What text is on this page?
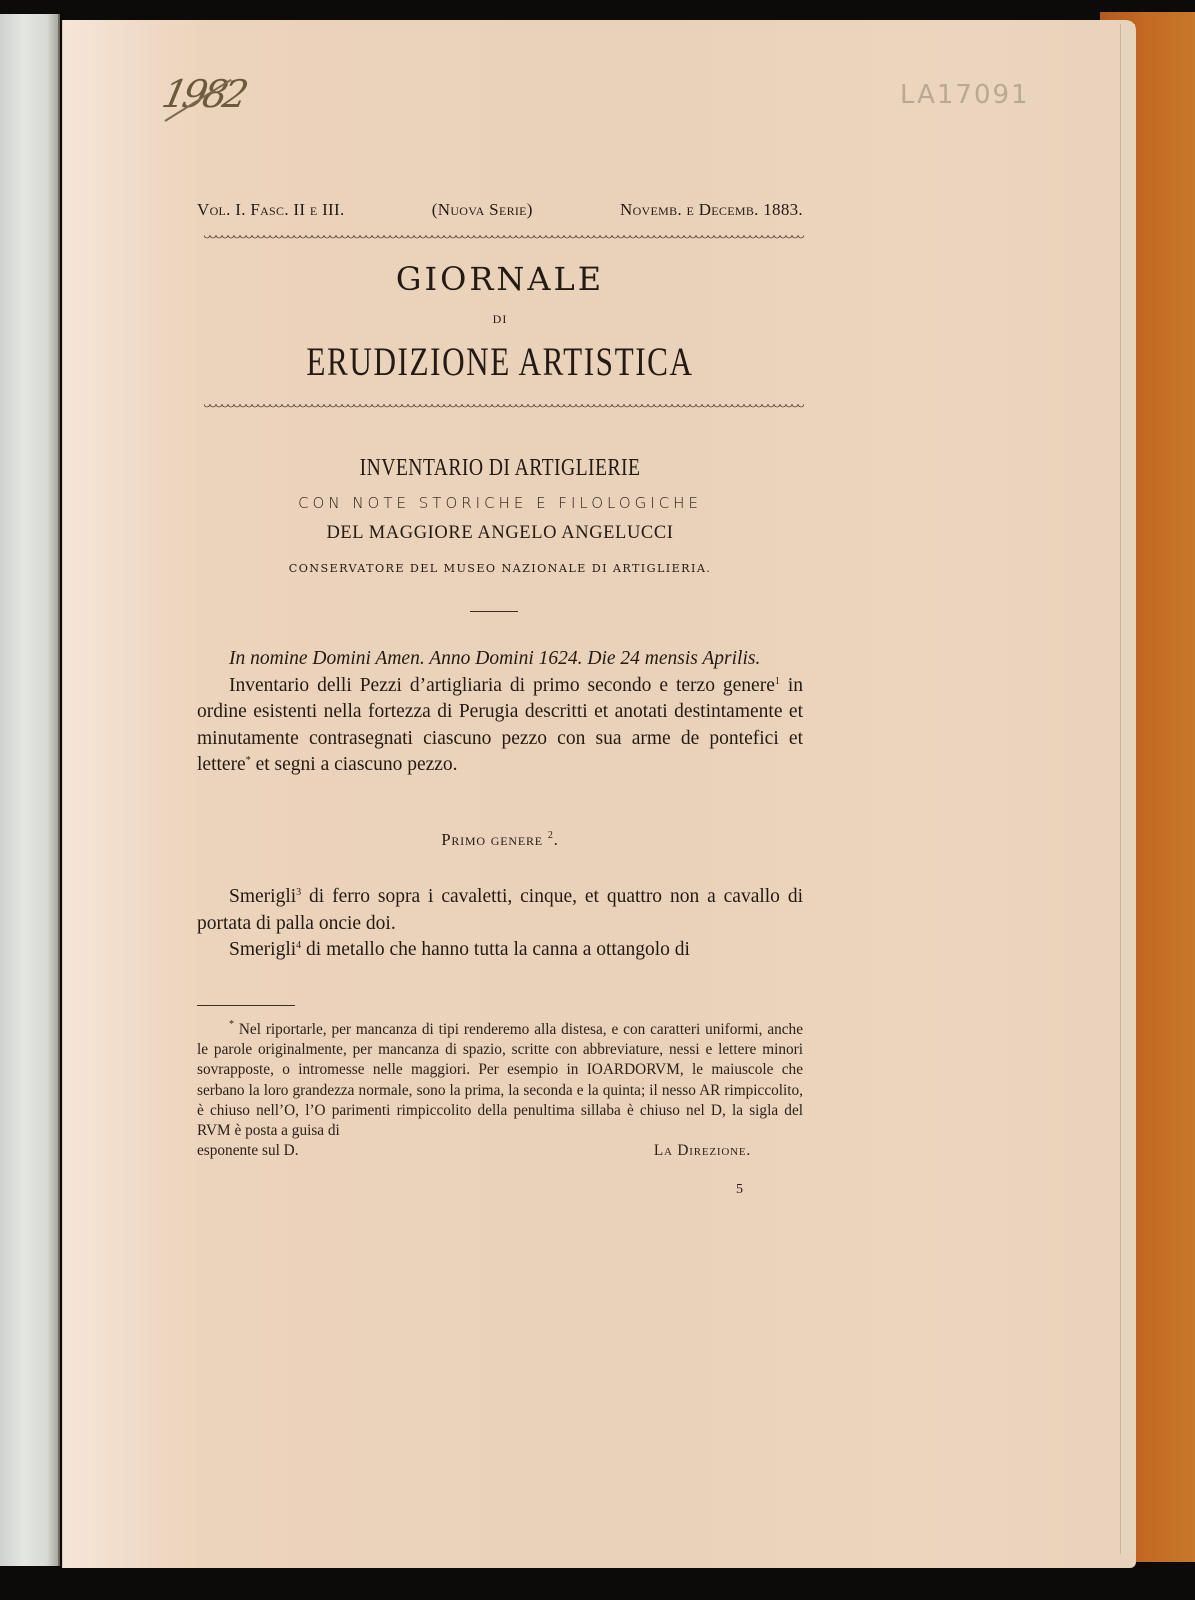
1982	LA17091
Vol. I. Fasc. II e III.	(Nuova Serie)	Novemb. e Decemb. 1883.
GIORNALE
DI
ERUDIZIONE ARTISTICA
INVENTARIO DI ARTIGLIERIE
CON NOTE STORICHE E FILOLOGICHE
DEL MAGGIORE ANGELO ANGELUCCI
CONSERVATORE DEL MUSEO NAZIONALE DI ARTIGLIERIA.

In nomine Domini Amen. Anno Domini 1624. Die 24 mensis Aprilis.

Inventario delli Pezzi d’artigliaria di primo secondo e terzo genere$^1$ in ordine esistenti nella fortezza di Perugia descritti et anotati destintamente et minutamente contrasegnati ciascuno pezzo con sua arme de pontefici et lettere* et segni a ciascuno pezzo.

Primo genere $^2$.

Smerigli$^3$ di ferro sopra i cavaletti, cinque, et quattro non a cavallo di portata di palla oncie doi.

Smerigli$^4$ di metallo che hanno tutta la canna a ottangolo di

* Nel riportarle, per mancanza di tipi renderemo alla distesa, e con caratteri uniformi, anche le parole originalmente, per mancanza di spazio, scritte con abbreviature, nessi e lettere minori sovrapposte, o intromesse nelle maggiori. Per esempio in IOARDORVM, le maiuscole che serbano la loro grandezza normale, sono la prima, la seconda e la quinta; il nesso AR rimpiccolito, è chiuso nell’O, l’O parimenti rimpiccolito della penultima sillaba è chiuso nel D, la sigla del RVM è posta a guisa di

esponente sul D.	La Direzione.
5
